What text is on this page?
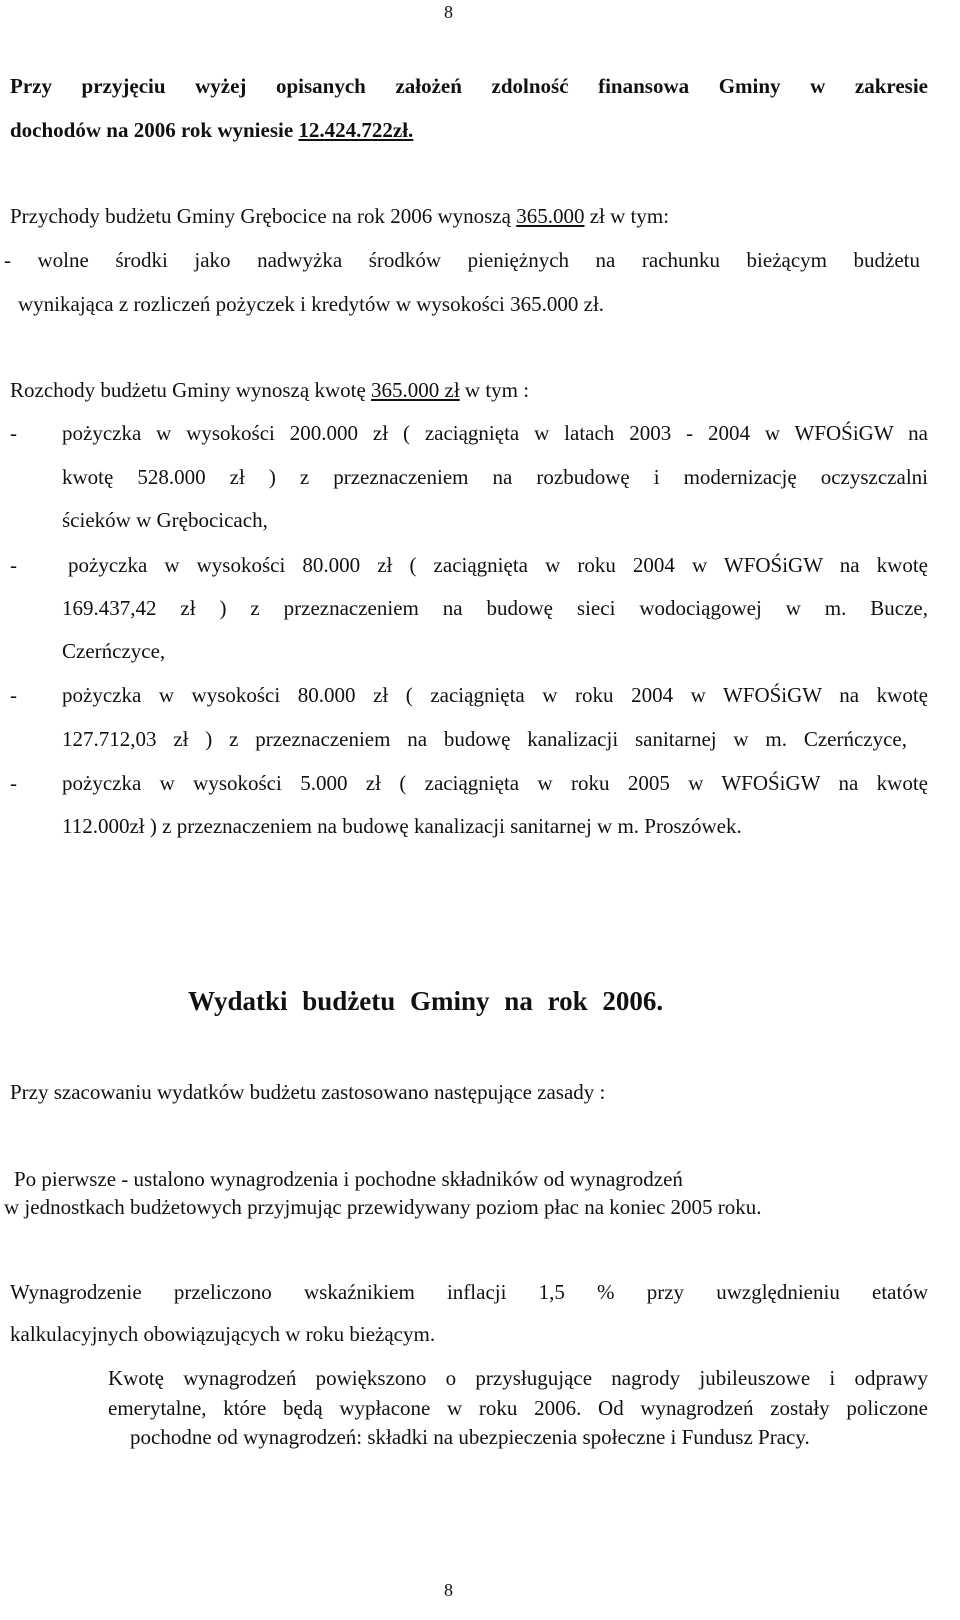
8
Przy przyjęciu wyżej opisanych założeń zdolność finansowa Gminy w zakresie
dochodów na 2006 rok wyniesie 12.424.722zł.
Przychody budżetu Gminy Grębocice na rok 2006 wynoszą 365.000 zł w tym:
- wolne środki jako nadwyżka środków pieniężnych na rachunku bieżącym budżetu
wynikająca z rozliczeń pożyczek i kredytów w wysokości 365.000 zł.
Rozchody budżetu Gminy wynoszą kwotę 365.000 zł w tym :
- pożyczka w wysokości 200.000 zł ( zaciągnięta w latach 2003 - 2004 w WFOŚiGW na
kwotę 528.000 zł ) z przeznaczeniem na rozbudowę i modernizację oczyszczalni
ścieków w Grębocicach,
- pożyczka w wysokości 80.000 zł ( zaciągnięta w roku 2004 w WFOŚiGW na kwotę
169.437,42 zł ) z przeznaczeniem na budowę sieci wodociągowej w m. Bucze,
Czerńczyce,
- pożyczka w wysokości 80.000 zł ( zaciągnięta w roku 2004 w WFOŚiGW na kwotę
127.712,03 zł ) z przeznaczeniem na budowę kanalizacji sanitarnej w m. Czerńczyce,
- pożyczka w wysokości 5.000 zł ( zaciągnięta w roku 2005 w WFOŚiGW na kwotę
112.000zł ) z przeznaczeniem na budowę kanalizacji sanitarnej w m. Proszówek.
Wydatki budżetu Gminy na rok 2006.
Przy szacowaniu wydatków budżetu zastosowano następujące zasady :
Po pierwsze - ustalono wynagrodzenia i pochodne składników od wynagrodzeń
w jednostkach budżetowych przyjmując przewidywany poziom płac na koniec 2005 roku.
Wynagrodzenie przeliczono wskaźnikiem inflacji 1,5 % przy uwzględnieniu etatów
kalkulacyjnych obowiązujących w roku bieżącym.
Kwotę wynagrodzeń powiększono o przysługujące nagrody jubileuszowe i odprawy
emerytalne, które będą wypłacone w roku 2006. Od wynagrodzeń zostały policzone
pochodne od wynagrodzeń: składki na ubezpieczenia społeczne i Fundusz Pracy.
8
